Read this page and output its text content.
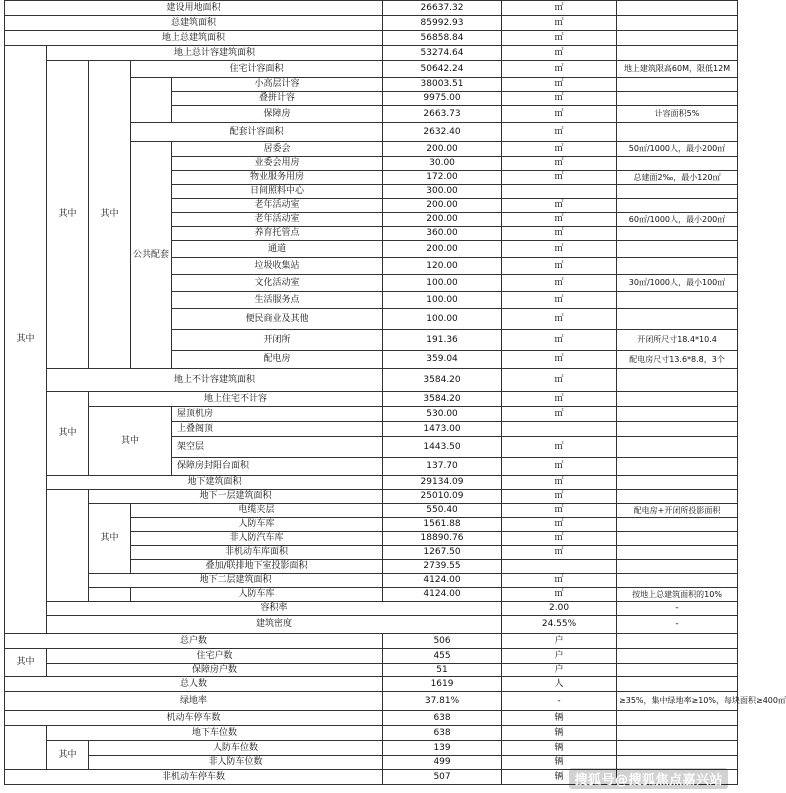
建设用地面积					26637.32	㎡		
总建筑面积					85992.93	㎡		
地上总建筑面积					56858.84	㎡		
其中	地上总计容建筑面积				53274.64	㎡		
	其中	其中	住宅计容面积		50642.24	㎡	地上建筑限高60M，限低12M	
				小高层计容	38003.51	㎡		
				叠拼计容	9975.00	㎡		
				保障房	2663.73	㎡	计容面积5%	
			配套计容面积		2632.40	㎡		
			公共配套	居委会	200.00	㎡	50㎡/1000人，最小200㎡	
				业委会用房	30.00	㎡		
				物业服务用房	172.00	㎡	总建面2‰，最小120㎡	
				日间照料中心	300.00			
				老年活动室	200.00	㎡		
				老年活动室	200.00	㎡	60㎡/1000人，最小200㎡	
				养育托管点	360.00	㎡		
				通道	200.00	㎡		
				垃圾收集站	120.00	㎡		
				文化活动室	100.00	㎡	30㎡/1000人，最小100㎡	
				生活服务点	100.00	㎡		
				便民商业及其他	100.00	㎡		
				开闭所	191.36	㎡	开闭所尺寸18.4*10.4	
				配电房	359.04	㎡	配电房尺寸13.6*8.8，3个	
	地上不计容建筑面积				3584.20	㎡		
	其中	地上住宅不计容			3584.20	㎡		
		其中		屋顶机房	530.00	㎡		
				上叠阁顶	1473.00			
				架空层	1443.50	㎡		
				保障房封阳台面积	137.70	㎡		
	地下建筑面积				29134.09	㎡		
		地下一层建筑面积			25010.09	㎡		
		其中	电缆夹层		550.40	㎡	配电房+开闭所投影面积	
			人防车库		1561.88	㎡		
			非人防汽车库		18890.76	㎡		
			非机动车库面积		1267.50	㎡		
			叠加/联排地下室投影面积		2739.55			
		地下二层建筑面积			4124.00	㎡		
			人防车库		4124.00	㎡	按地上总建筑面积的10%	
	容积率					2.00	-	
	建筑密度					24.55%	-	
总户数					506	户		
其中	住宅户数				455	户		
	保障房户数				51	户		
总人数					1619	人		
绿地率					37.81%	-	≥35%，集中绿地率≥10%，每块面积≥400㎡	
机动车停车数					638	辆		
	地下车位数				638	辆		
	其中	人防车位数			139	辆		
		非人防车位数			499	辆		
非机动车停车数					507	辆		搜狐号@搜狐焦点嘉兴站
